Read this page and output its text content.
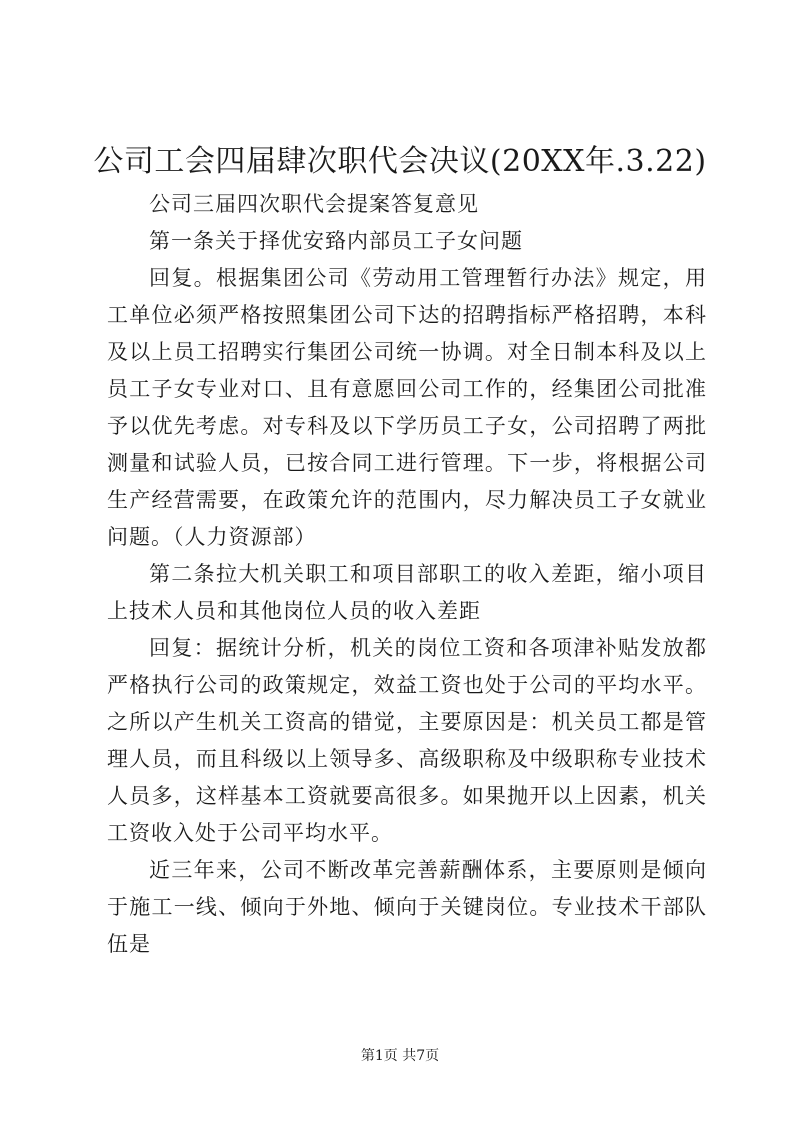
公司工会四届肆次职代会决议(20XX年.3.22)

公司三届四次职代会提案答复意见

第一条关于择优安臵内部员工子女问题

回复。根据集团公司《劳动用工管理暂行办法》规定，用工单位必须严格按照集团公司下达的招聘指标严格招聘，本科及以上员工招聘实行集团公司统一协调。对全日制本科及以上员工子女专业对口、且有意愿回公司工作的，经集团公司批准予以优先考虑。对专科及以下学历员工子女，公司招聘了两批测量和试验人员，已按合同工进行管理。下一步，将根据公司生产经营需要，在政策允许的范围内，尽力解决员工子女就业问题。（人力资源部）

第二条拉大机关职工和项目部职工的收入差距，缩小项目上技术人员和其他岗位人员的收入差距

回复：据统计分析，机关的岗位工资和各项津补贴发放都严格执行公司的政策规定，效益工资也处于公司的平均水平。之所以产生机关工资高的错觉，主要原因是：机关员工都是管理人员，而且科级以上领导多、高级职称及中级职称专业技术人员多，这样基本工资就要高很多。如果抛开以上因素，机关工资收入处于公司平均水平。

近三年来，公司不断改革完善薪酬体系，主要原则是倾向于施工一线、倾向于外地、倾向于关键岗位。专业技术干部队伍是

第1页 共7页
